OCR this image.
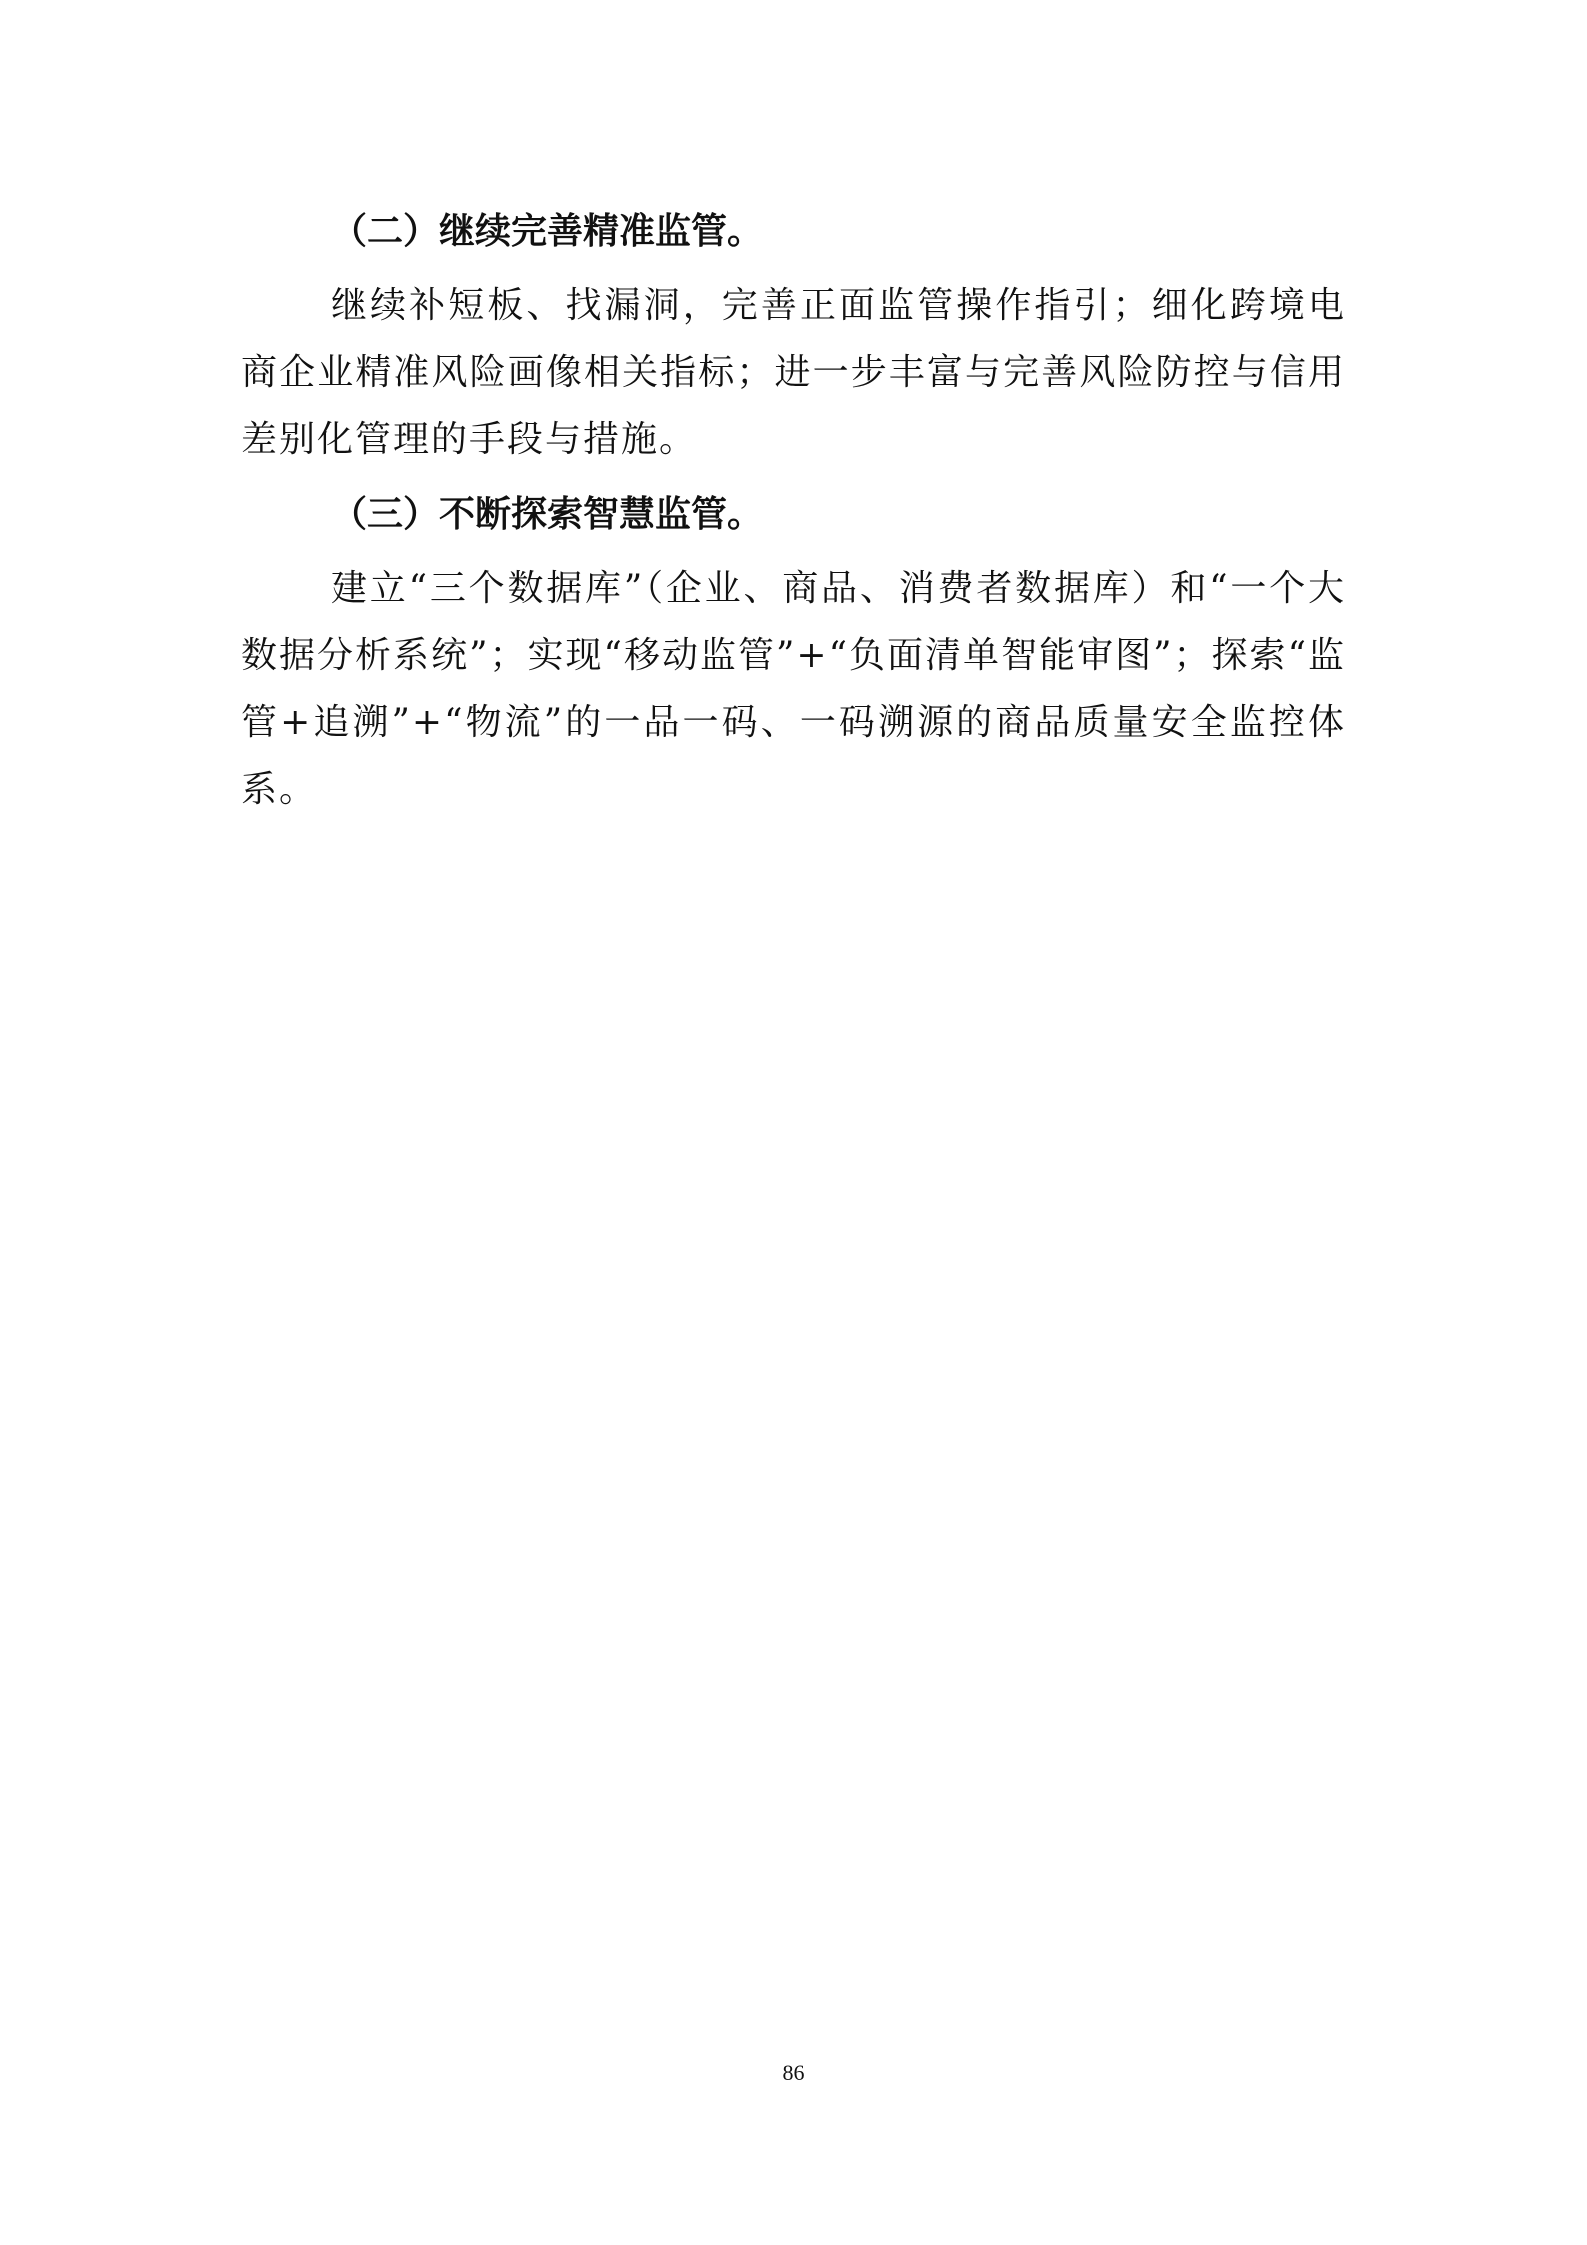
（二）继续完善精准监管。

继续补短板、找漏洞，完善正面监管操作指引；细化跨境电商企业精准风险画像相关指标；进一步丰富与完善风险防控与信用差别化管理的手段与措施。

（三）不断探索智慧监管。

建立“三个数据库”（企业、商品、消费者数据库）和“一个大数据分析系统”；实现“移动监管”+“负面清单智能审图”；探索“监管+追溯”+“物流”的一品一码、一码溯源的商品质量安全监控体系。

86
